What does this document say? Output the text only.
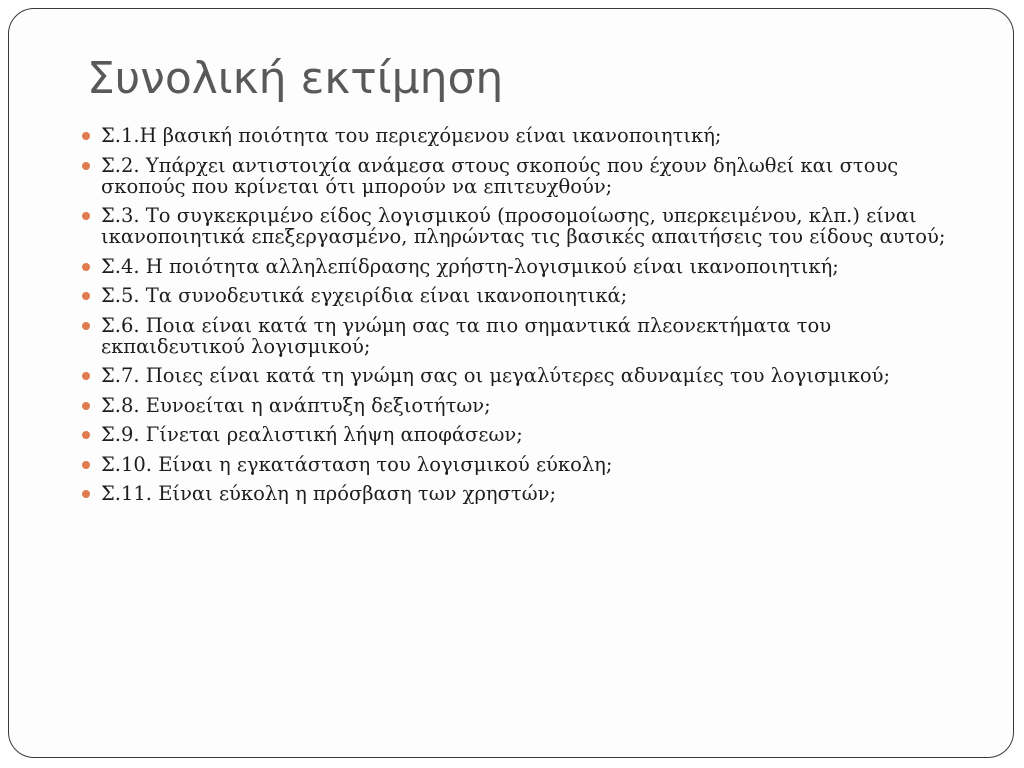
Συνολική εκτίμηση
Σ.1.Η βασική ποιότητα του περιεχόμενου είναι ικανοποιητική;
Σ.2. Υπάρχει αντιστοιχία ανάμεσα στους σκοπούς που έχουν δηλωθεί και στους σκοπούς που κρίνεται ότι μπορούν να επιτευχθούν;
Σ.3. Το συγκεκριμένο είδος λογισμικού (προσομοίωσης, υπερκειμένου, κλπ.) είναι ικανοποιητικά επεξεργασμένο, πληρώντας τις βασικές απαιτήσεις του είδους αυτού;
Σ.4. Η ποιότητα αλληλεπίδρασης χρήστη-λογισμικού είναι ικανοποιητική;
Σ.5. Τα συνοδευτικά εγχειρίδια είναι ικανοποιητικά;
Σ.6. Ποια είναι κατά τη γνώμη σας τα πιο σημαντικά πλεονεκτήματα του εκπαιδευτικού λογισμικού;
Σ.7. Ποιες είναι κατά τη γνώμη σας οι μεγαλύτερες αδυναμίες του λογισμικού;
Σ.8. Ευνοείται η ανάπτυξη δεξιοτήτων;
Σ.9. Γίνεται ρεαλιστική λήψη αποφάσεων;
Σ.10. Είναι η εγκατάσταση του λογισμικού εύκολη;
Σ.11. Είναι εύκολη η πρόσβαση των χρηστών;
